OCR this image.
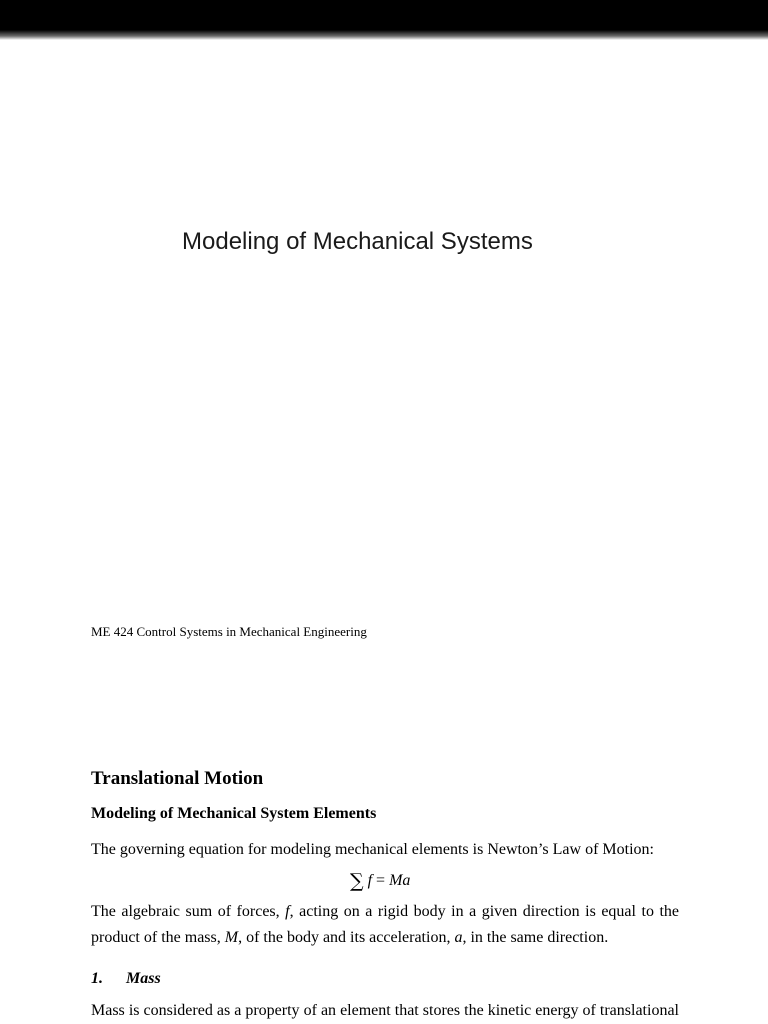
Modeling of Mechanical Systems
ME 424 Control Systems in Mechanical Engineering
Translational Motion
Modeling of Mechanical System Elements
The governing equation for modeling mechanical elements is Newton’s Law of Motion:
∑ f = Ma
The algebraic sum of forces, f, acting on a rigid body in a given direction is equal to the product of the mass, M, of the body and its acceleration, a, in the same direction.
1. Mass
Mass is considered as a property of an element that stores the kinetic energy of translational
